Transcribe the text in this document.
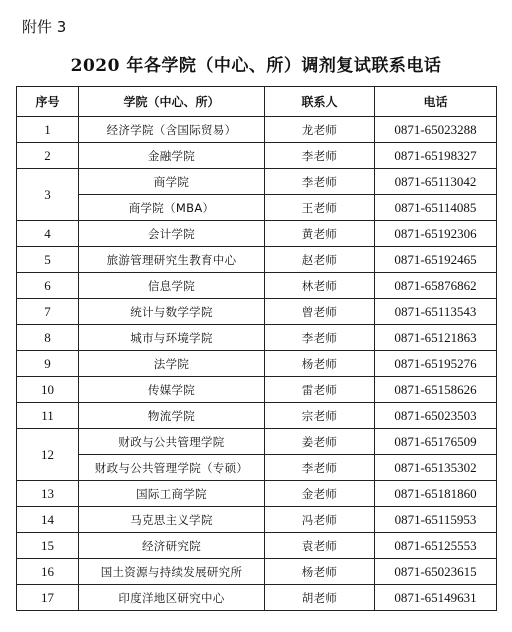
附件 3
2020 年各学院（中心、所）调剂复试联系电话
序号	学院（中心、所）	联系人	电话
1	经济学院（含国际贸易）	龙老师	0871-65023288
2	金融学院	李老师	0871-65198327
3	商学院	李老师	0871-65113042
	商学院（MBA）	王老师	0871-65114085
4	会计学院	黄老师	0871-65192306
5	旅游管理研究生教育中心	赵老师	0871-65192465
6	信息学院	林老师	0871-65876862
7	统计与数学学院	曾老师	0871-65113543
8	城市与环境学院	李老师	0871-65121863
9	法学院	杨老师	0871-65195276
10	传媒学院	雷老师	0871-65158626
11	物流学院	宗老师	0871-65023503
12	财政与公共管理学院	姜老师	0871-65176509
	财政与公共管理学院（专硕）	李老师	0871-65135302
13	国际工商学院	金老师	0871-65181860
14	马克思主义学院	冯老师	0871-65115953
15	经济研究院	袁老师	0871-65125553
16	国土资源与持续发展研究所	杨老师	0871-65023615
17	印度洋地区研究中心	胡老师	0871-65149631
